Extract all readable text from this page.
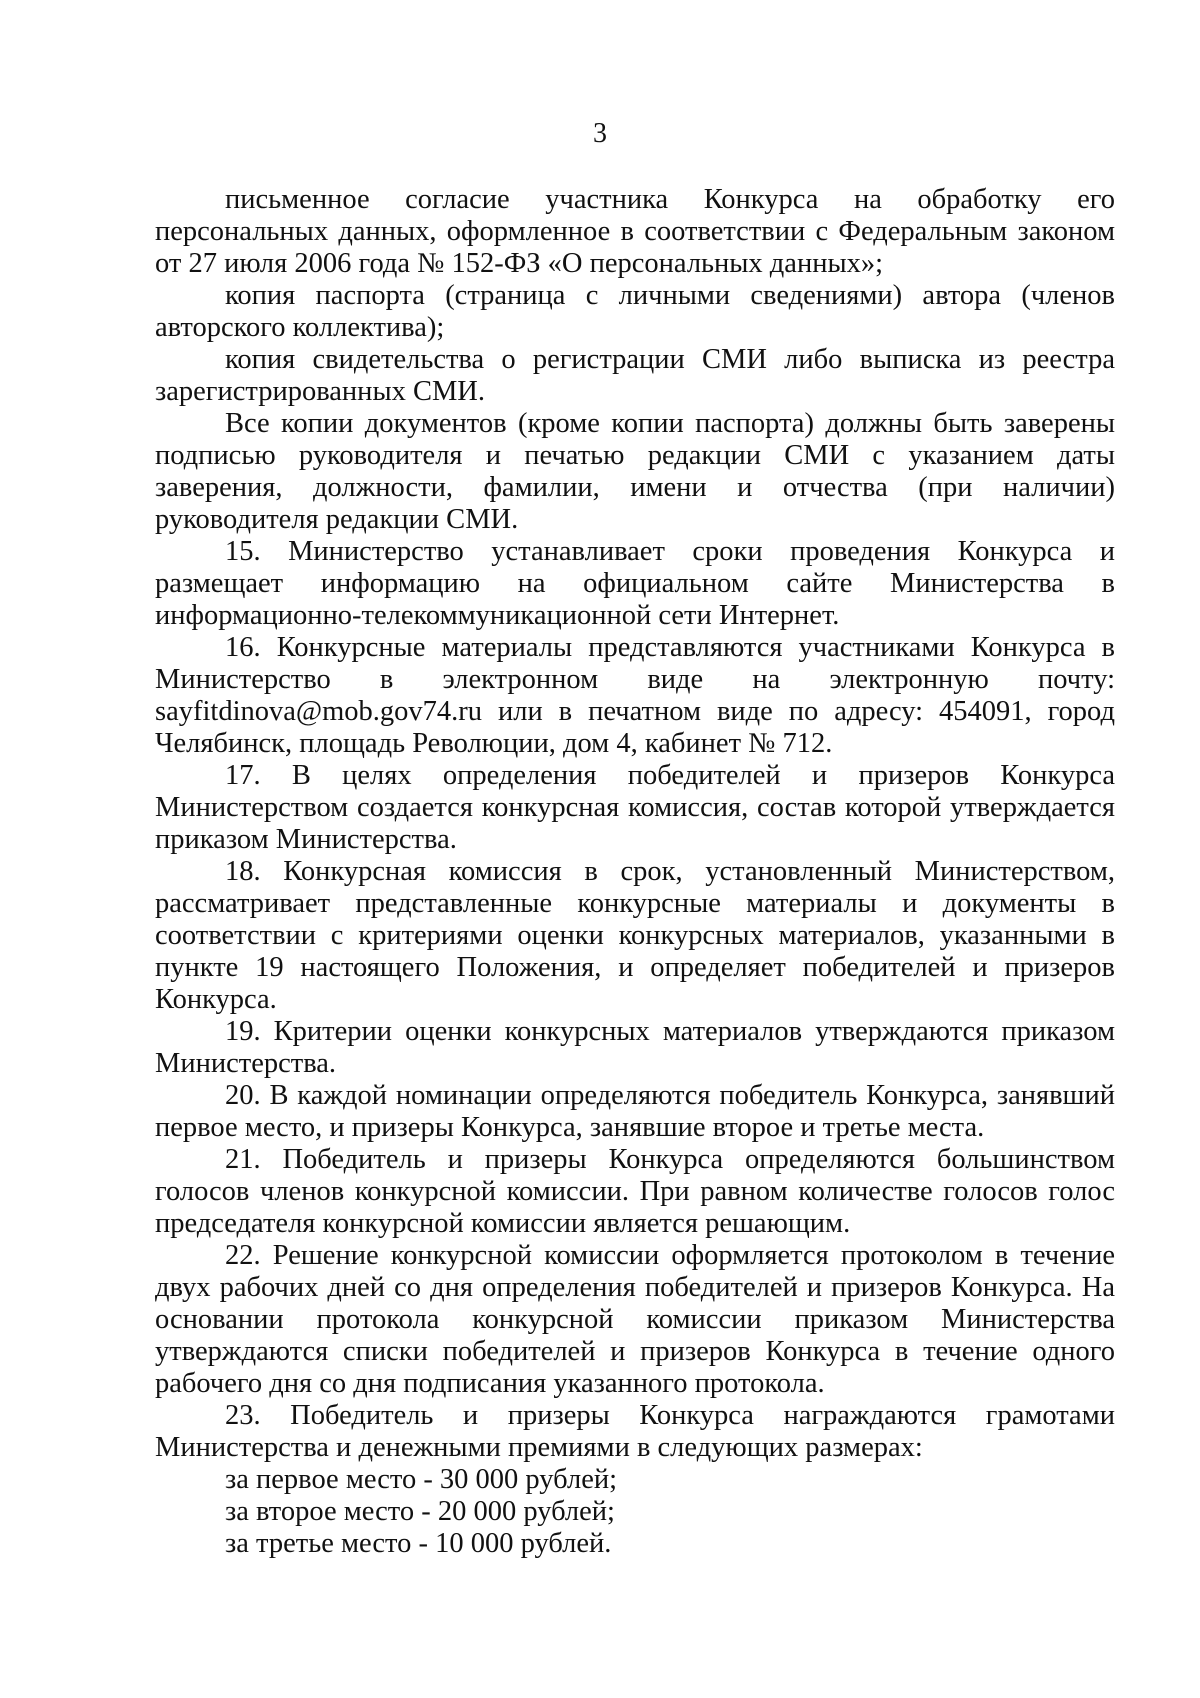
3

письменное согласие участника Конкурса на обработку его персональных данных, оформленное в соответствии с Федеральным законом от 27 июля 2006 года № 152-ФЗ «О персональных данных»;

копия паспорта (страница с личными сведениями) автора (членов авторского коллектива);

копия свидетельства о регистрации СМИ либо выписка из реестра зарегистрированных СМИ.

Все копии документов (кроме копии паспорта) должны быть заверены подписью руководителя и печатью редакции СМИ с указанием даты заверения, должности, фамилии, имени и отчества (при наличии) руководителя редакции СМИ.

15. Министерство устанавливает сроки проведения Конкурса и размещает информацию на официальном сайте Министерства в информационно-телекоммуникационной сети Интернет.

16. Конкурсные материалы представляются участниками Конкурса в Министерство в электронном виде на электронную почту: sayfitdinova@mob.gov74.ru или в печатном виде по адресу: 454091, город Челябинск, площадь Революции, дом 4, кабинет № 712.

17. В целях определения победителей и призеров Конкурса Министерством создается конкурсная комиссия, состав которой утверждается приказом Министерства.

18. Конкурсная комиссия в срок, установленный Министерством, рассматривает представленные конкурсные материалы и документы в соответствии с критериями оценки конкурсных материалов, указанными в пункте 19 настоящего Положения, и определяет победителей и призеров Конкурса.

19. Критерии оценки конкурсных материалов утверждаются приказом Министерства.

20. В каждой номинации определяются победитель Конкурса, занявший первое место, и призеры Конкурса, занявшие второе и третье места.

21. Победитель и призеры Конкурса определяются большинством голосов членов конкурсной комиссии. При равном количестве голосов голос председателя конкурсной комиссии является решающим.

22. Решение конкурсной комиссии оформляется протоколом в течение двух рабочих дней со дня определения победителей и призеров Конкурса. На основании протокола конкурсной комиссии приказом Министерства утверждаются списки победителей и призеров Конкурса в течение одного рабочего дня со дня подписания указанного протокола.

23. Победитель и призеры Конкурса награждаются грамотами Министерства и денежными премиями в следующих размерах:

за первое место - 30 000 рублей;

за второе место - 20 000 рублей;

за третье место - 10 000 рублей.
